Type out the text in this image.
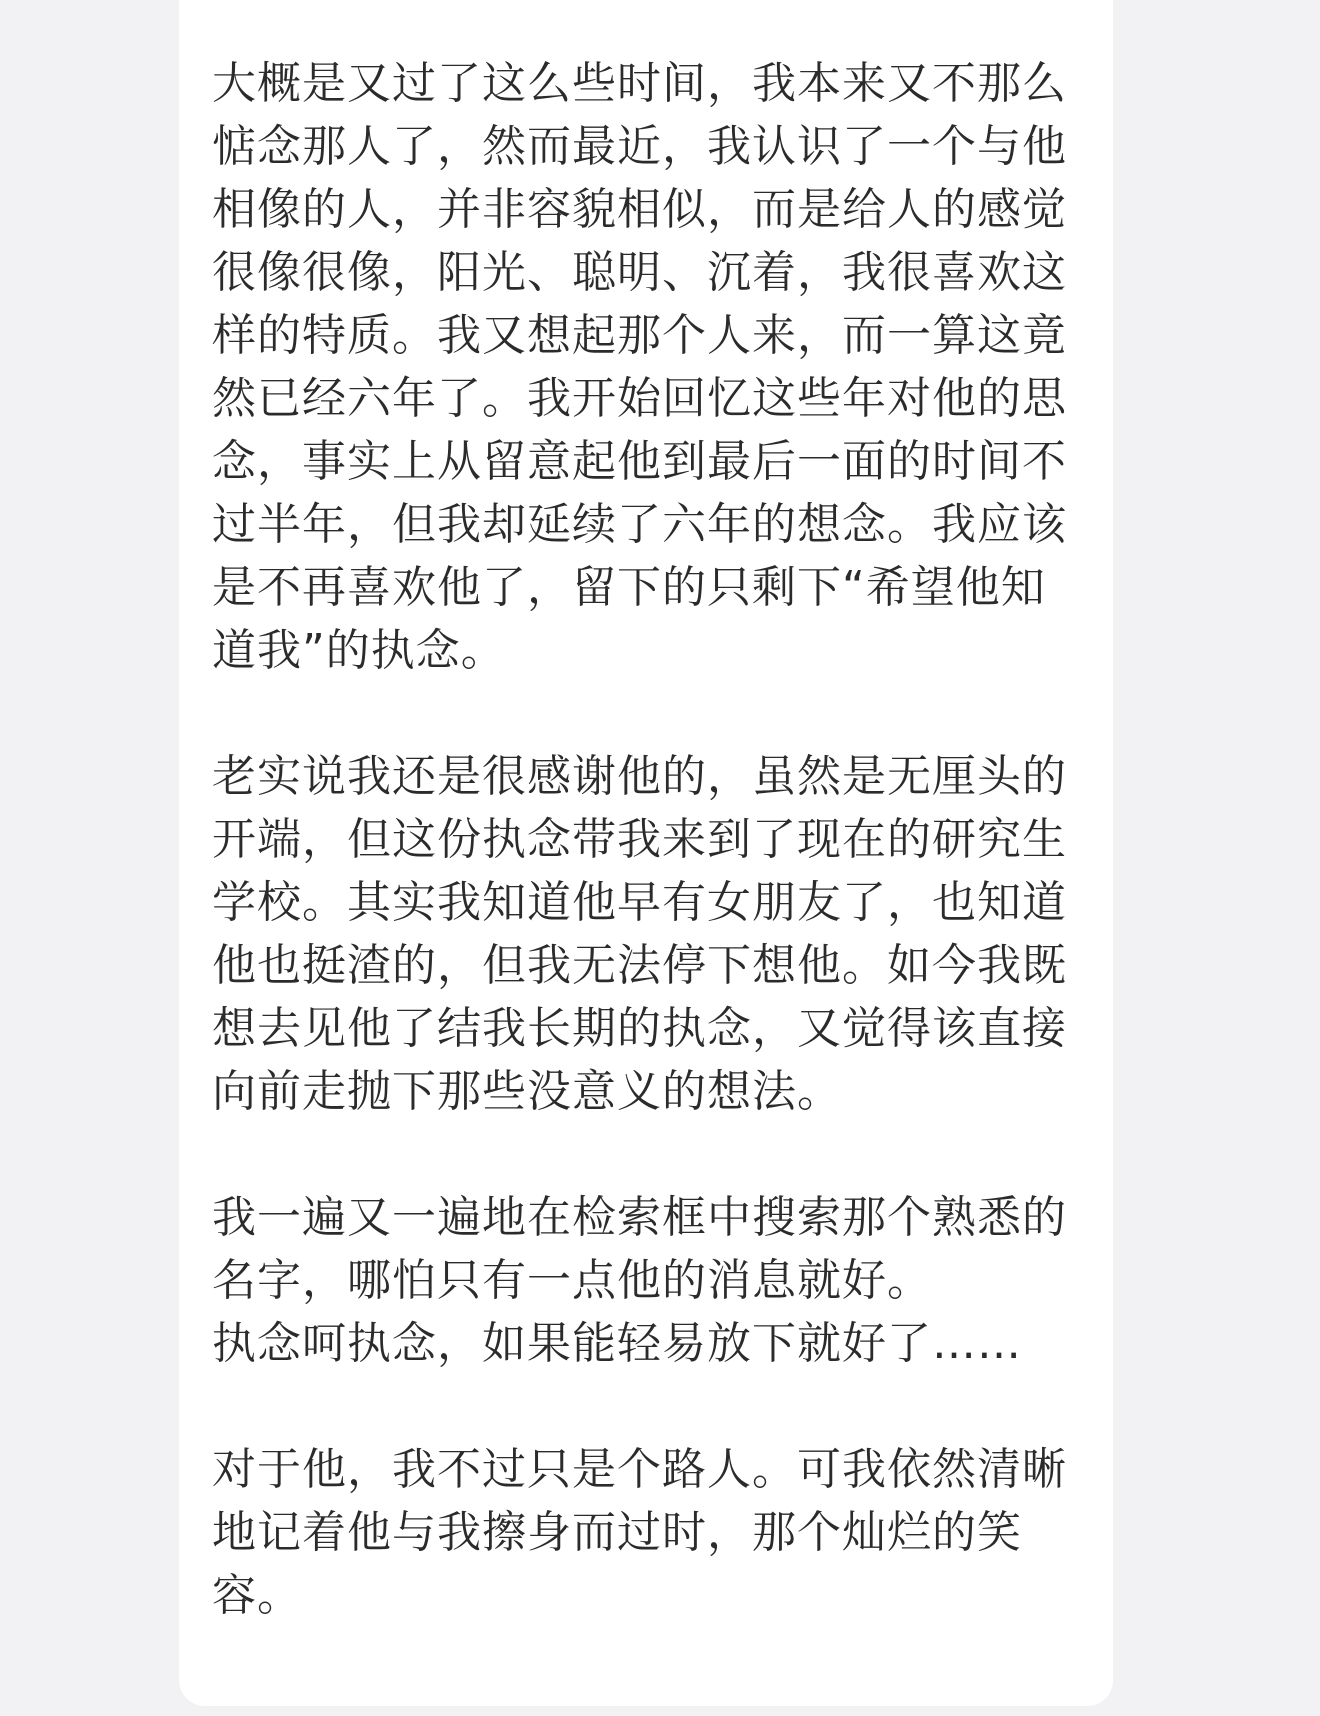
大概是又过了这么些时间，我本来又不那么惦念那人了，然而最近，我认识了一个与他相像的人，并非容貌相似，而是给人的感觉很像很像，阳光、聪明、沉着，我很喜欢这样的特质。我又想起那个人来，而一算这竟然已经六年了。我开始回忆这些年对他的思念，事实上从留意起他到最后一面的时间不过半年，但我却延续了六年的想念。我应该是不再喜欢他了，留下的只剩下“希望他知道我”的执念。

老实说我还是很感谢他的，虽然是无厘头的开端，但这份执念带我来到了现在的研究生学校。其实我知道他早有女朋友了，也知道他也挺渣的，但我无法停下想他。如今我既想去见他了结我长期的执念，又觉得该直接向前走抛下那些没意义的想法。

我一遍又一遍地在检索框中搜索那个熟悉的名字，哪怕只有一点他的消息就好。
执念呵执念，如果能轻易放下就好了……

对于他，我不过只是个路人。可我依然清晰地记着他与我擦身而过时，那个灿烂的笑容。
